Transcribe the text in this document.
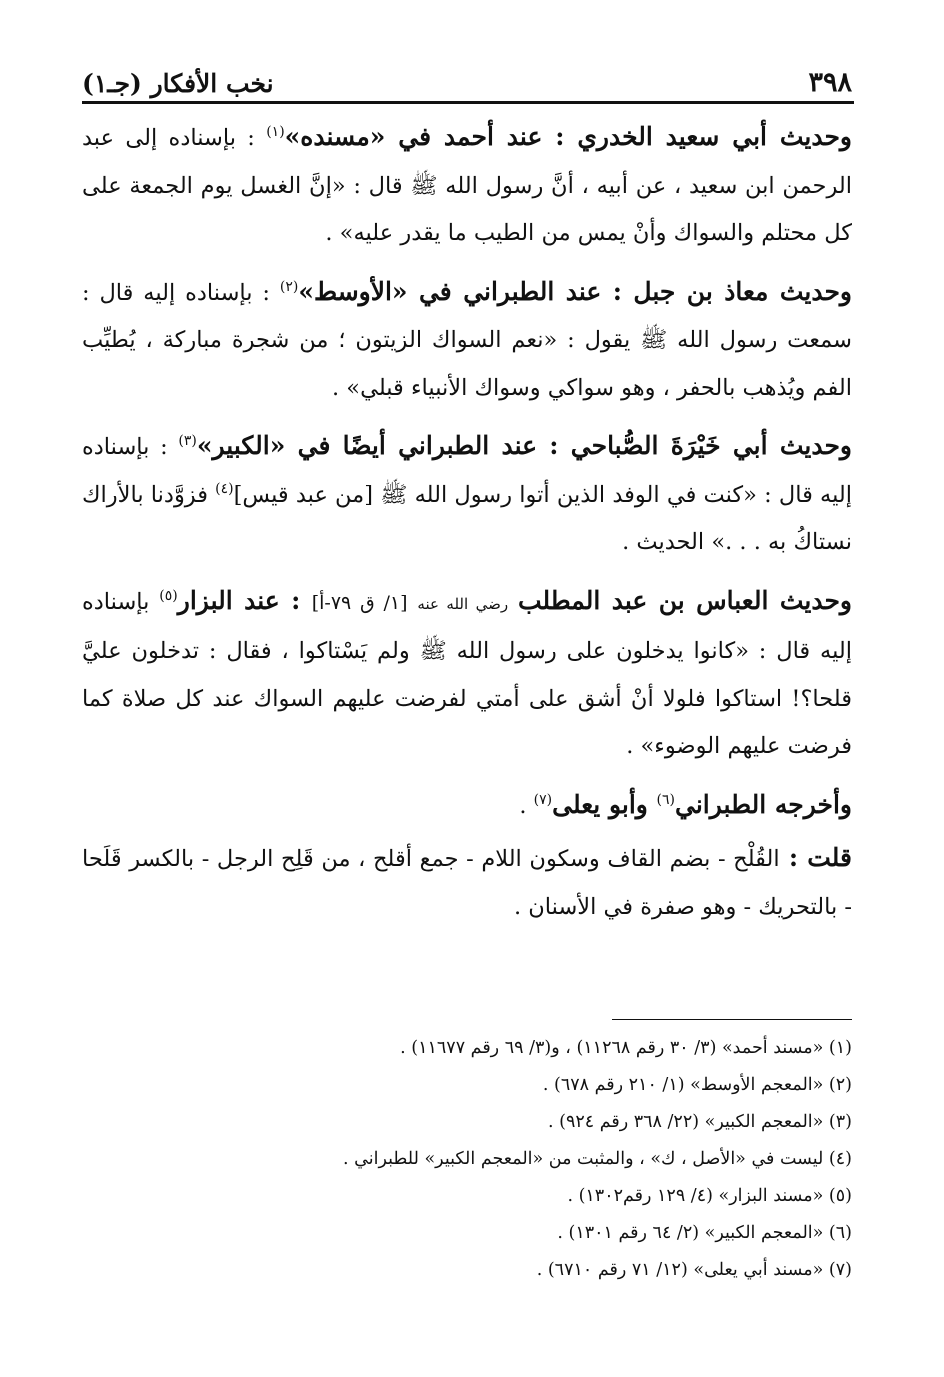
٣٩٨
نخب الأفكار (جـ١)

وحديث أبي سعيد الخدري : عند أحمد في «مسنده»$^{(١)}$ : بإسناده إلى عبد الرحمن ابن سعيد ، عن أبيه ، أنَّ رسول الله ﷺ قال : «إنَّ الغسل يوم الجمعة على كل محتلم والسواك وأنْ يمس من الطيب ما يقدر عليه» .

وحديث معاذ بن جبل : عند الطبراني في «الأوسط»$^{(٢)}$ : بإسناده إليه قال : سمعت رسول الله ﷺ يقول : «نعم السواك الزيتون ؛ من شجرة مباركة ، يُطيِّب الفم ويُذهب بالحفر ، وهو سواكي وسواك الأنبياء قبلي» .

وحديث أبي خَيْرَةَ الصُّباحي : عند الطبراني أيضًا في «الكبير»$^{(٣)}$ : بإسناده إليه قال : «كنت في الوفد الذين أتوا رسول الله ﷺ [من عبد قيس]$^{(٤)}$ فزوَّدنا بالأراك نستاكُ به . . .» الحديث .

وحديث العباس بن عبد المطلب رضي الله عنه [١/ ق ٧٩-أ] : عند البزار$^{(٥)}$ بإسناده إليه قال : «كانوا يدخلون على رسول الله ﷺ ولم يَسْتاكوا ، فقال : تدخلون عليَّ قلحا؟! استاكوا فلولا أنْ أشق على أمتي لفرضت عليهم السواك عند كل صلاة كما فرضت عليهم الوضوء» .

وأخرجه الطبراني$^{(٦)}$ وأبو يعلى$^{(٧)}$ .

قلت : القُلْح - بضم القاف وسكون اللام - جمع أقلح ، من قَلِح الرجل - بالكسر قَلَحا - بالتحريك - وهو صفرة في الأسنان .

(١) «مسند أحمد» (٣/ ٣٠ رقم ١١٢٦٨) ، و(٣/ ٦٩ رقم ١١٦٧٧) .
(٢) «المعجم الأوسط» (١/ ٢١٠ رقم ٦٧٨) .
(٣) «المعجم الكبير» (٢٢/ ٣٦٨ رقم ٩٢٤) .
(٤) ليست في «الأصل ، ك» ، والمثبت من «المعجم الكبير» للطبراني .
(٥) «مسند البزار» (٤/ ١٢٩ رقم١٣٠٢) .
(٦) «المعجم الكبير» (٢/ ٦٤ رقم ١٣٠١) .
(٧) «مسند أبي يعلى» (١٢/ ٧١ رقم ٦٧١٠) .
